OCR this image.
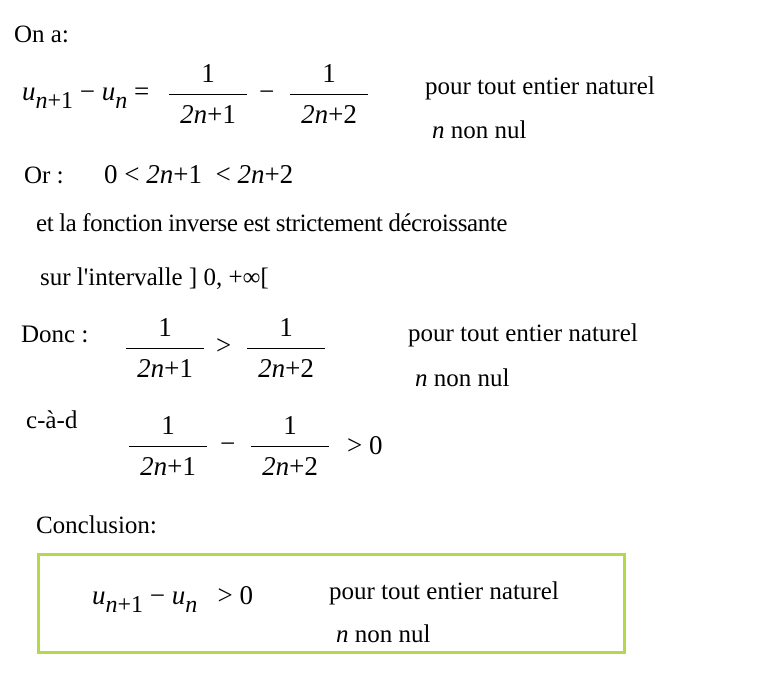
On a:
$u_{n+1} - u_n$ =
1
2n+1
−
1
2n+2
pour tout entier naturel
n non nul
Or : 0 < 2n+1 < 2n+2
et la fonction inverse est strictement décroissante
sur l'intervalle ] 0, +∞[
Donc :	1
2n+1
>
1
2n+2
pour tout entier naturel
n non nul
c-à-d	1
2n+1
−
1
2n+2
> 0
Conclusion:
$u_{n+1} - u_n > 0$	pour tout entier naturel
n non nul
